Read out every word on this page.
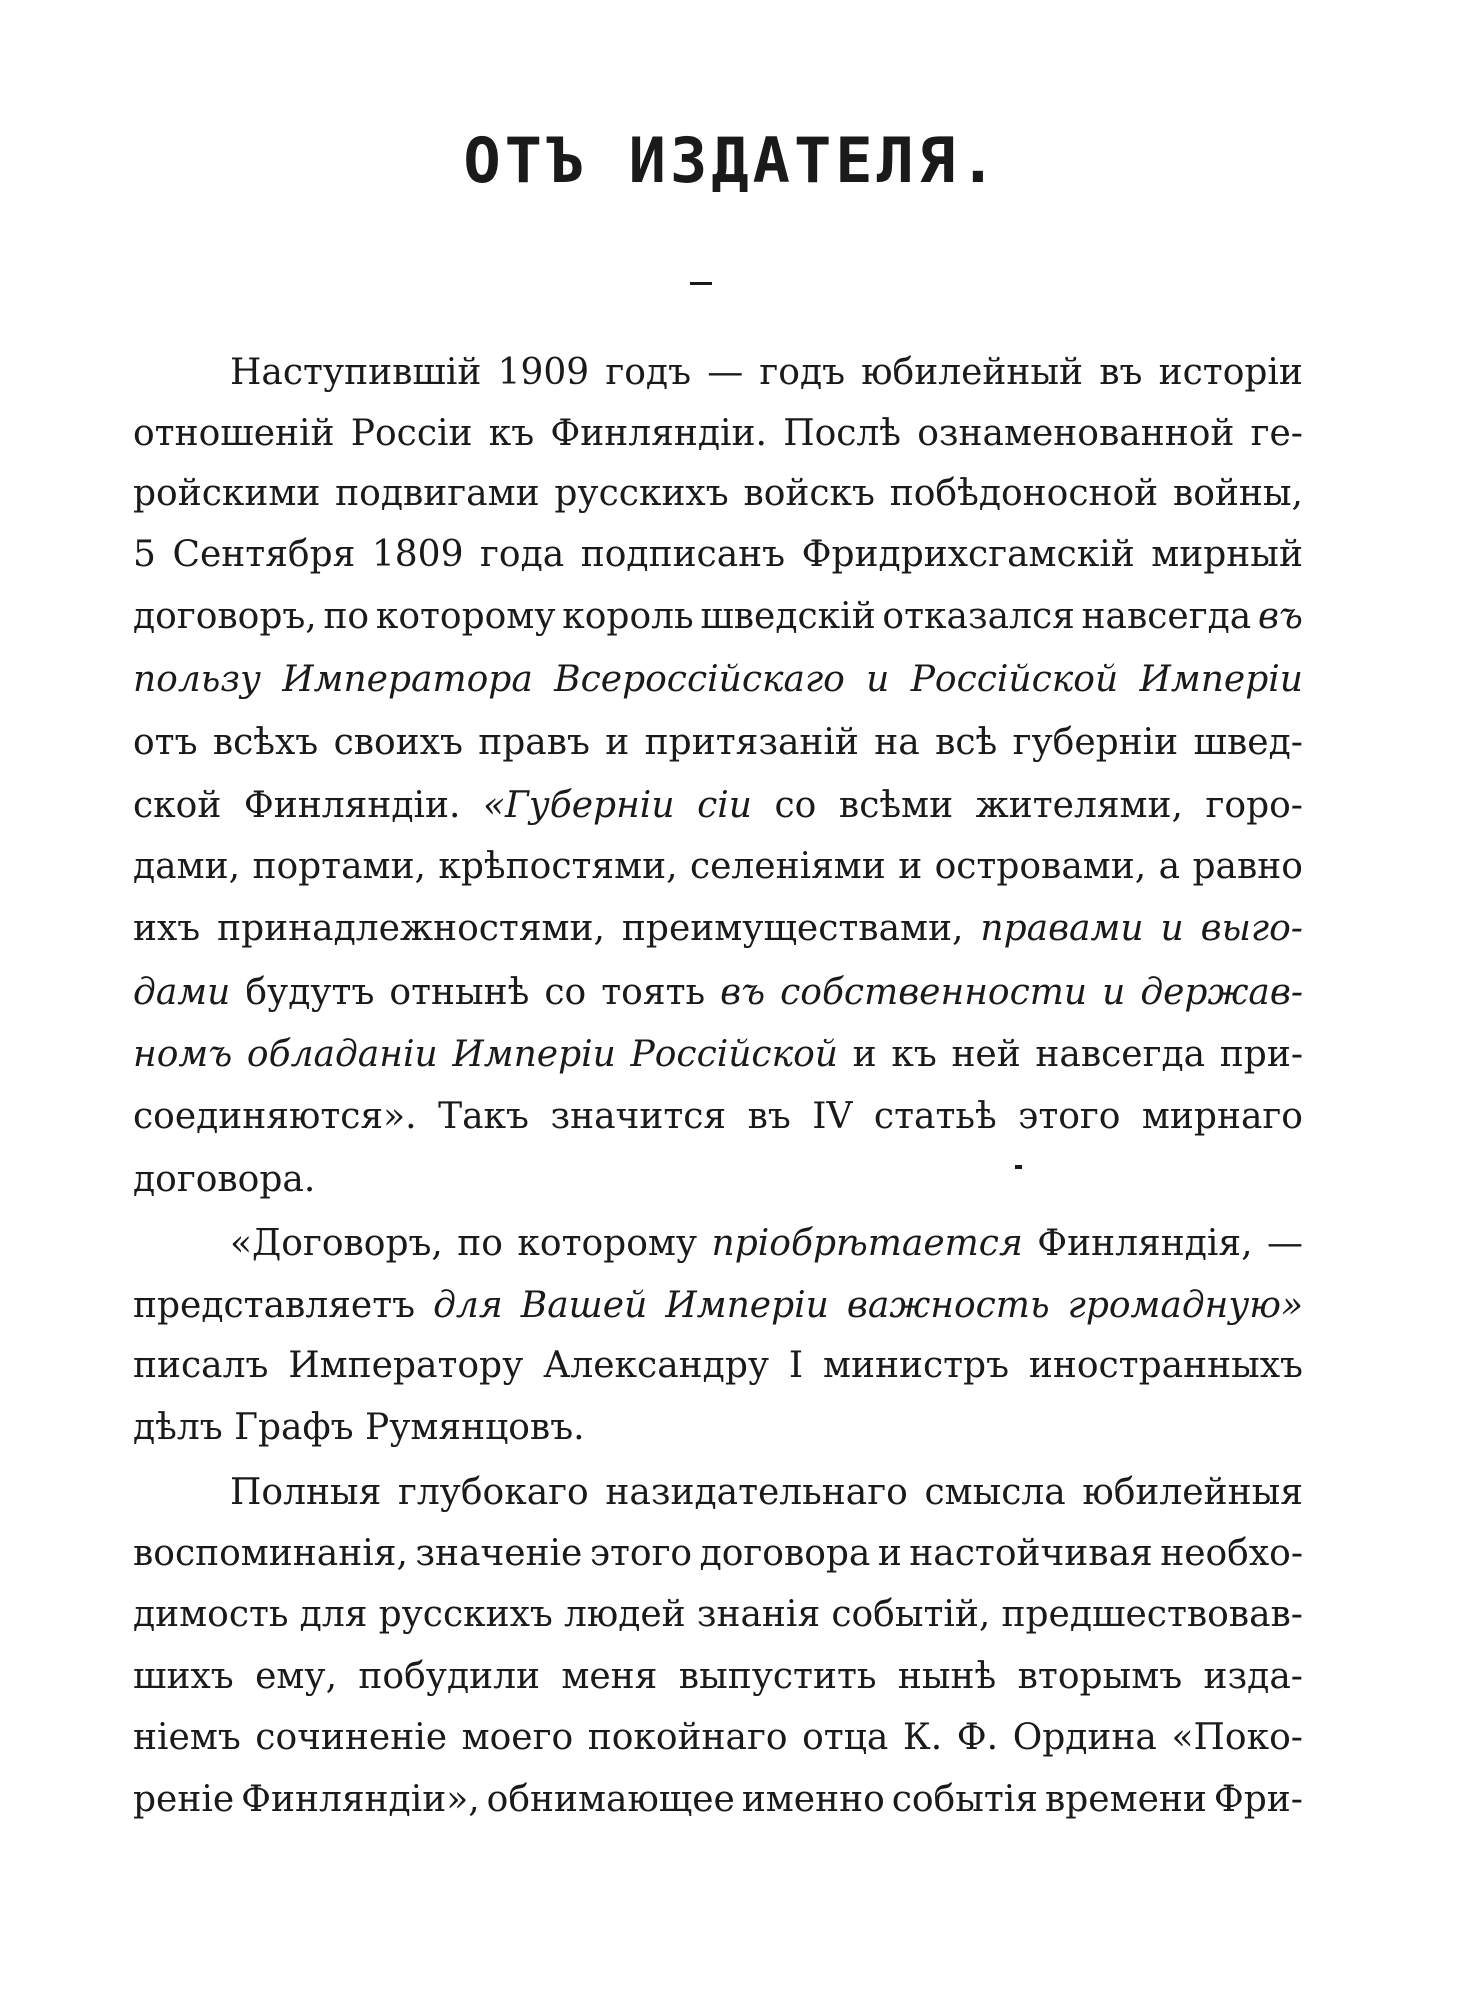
ОТЪ ИЗДАТЕЛЯ.
Наступившій 1909 годъ — годъ юбилейный въ исторіи
отношеній Россіи къ Финляндіи. Послѣ ознаменованной ге-
ройскими подвигами русскихъ войскъ побѣдоносной войны,
5 Сентября 1809 года подписанъ Фридрихсгамскій мирный
договоръ, по которому король шведскій отказался навсегда въ
пользу Императора Всероссійскаго и Россійской Имперіи
отъ всѣхъ своихъ правъ и притязаній на всѣ губерніи швед-
ской Финляндіи. «Губерніи сіи со всѣми жителями, горо-
дами, портами, крѣпостями, селеніями и островами, а равно
ихъ принадлежностями, преимуществами, правами и выго-
дами будутъ отнынѣ со тоять въ собственности и держав-
номъ обладаніи Имперіи Россійской и къ ней навсегда при-
соединяются». Такъ значится въ IV статьѣ этого мирнаго
договора.
«Договоръ, по которому пріобрѣтается Финляндія, —
представляетъ для Вашей Имперіи важность громадную»
писалъ Императору Александру I министръ иностранныхъ
дѣлъ
Графъ
Румянцовъ.
Полныя глубокаго назидательнаго смысла юбилейныя
воспоминанія, значеніе этого договора и настойчивая необхо-
димость для русскихъ людей знанія событій, предшествовав-
шихъ ему, побудили меня выпустить нынѣ вторымъ изда-
ніемъ сочиненіе моего покойнаго отца К. Ф. Ордина «Поко-
реніе Финляндіи», обнимающее именно событія времени Фри-
